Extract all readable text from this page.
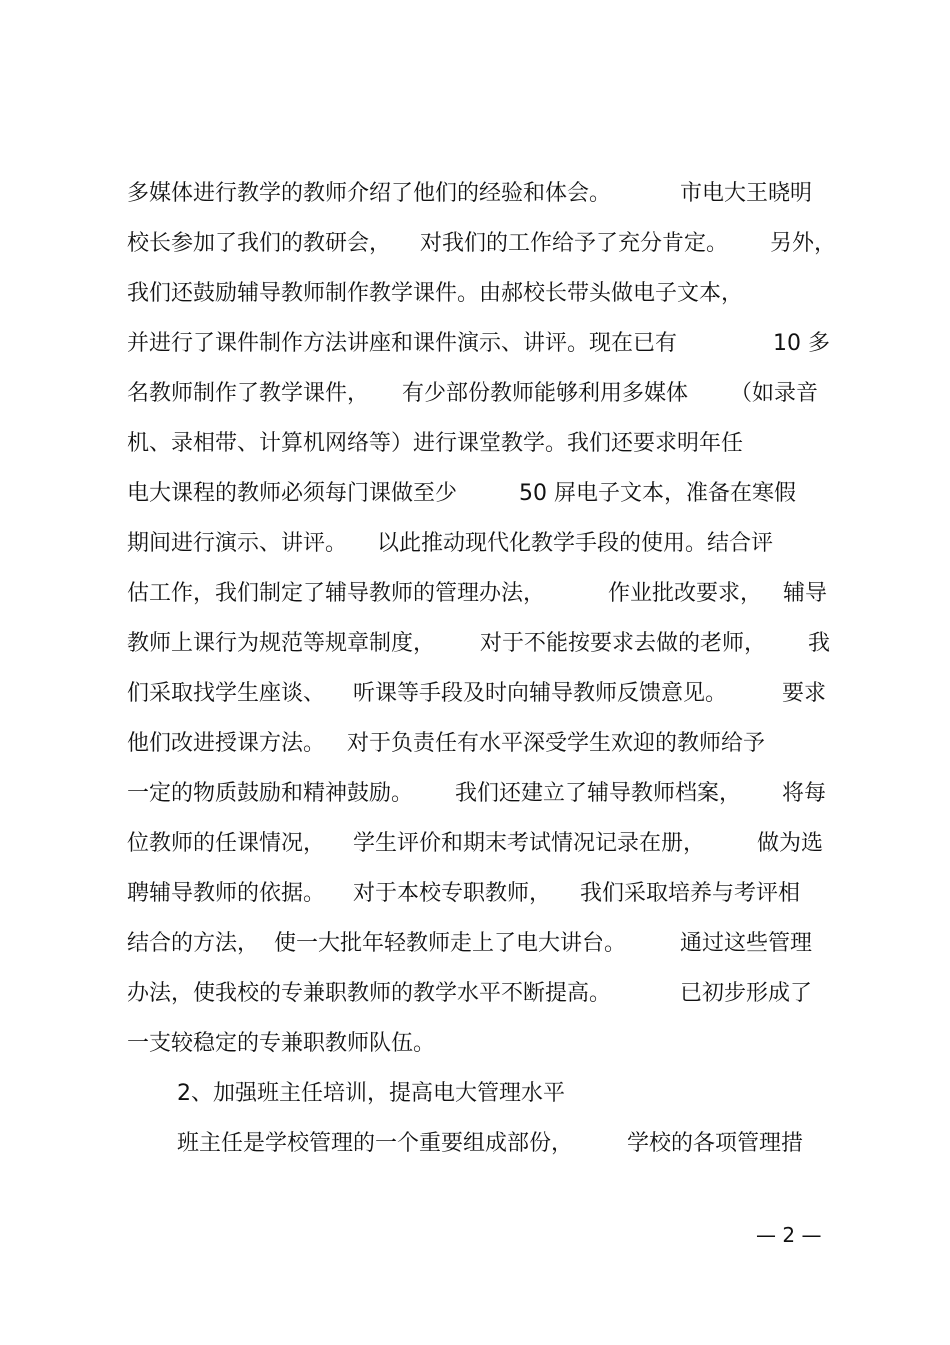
多媒体进行教学的教师介绍了他们的经验和体会。	市电大王晓明
校长参加了我们的教研会， 对我们的工作给予了充分肯定。 另外，
我们还鼓励辅导教师制作教学课件。由郝校长带头做电子文本，
并进行了课件制作方法讲座和课件演示、讲评。现在已有	10 多
名教师制作了教学课件， 有少部份教师能够利用多媒体 （如录音
机、录相带、计算机网络等）进行课堂教学。我们还要求明年任
电大课程的教师必须每门课做至少	50 屏电子文本，准备在寒假
期间进行演示、讲评。 以此推动现代化教学手段的使用。结合评
估工作，我们制定了辅导教师的管理办法，	作业批改要求， 辅导
教师上课行为规范等规章制度， 对于不能按要求去做的老师， 我
们采取找学生座谈、 听课等手段及时向辅导教师反馈意见。 要求
他们改进授课方法。 对于负责任有水平深受学生欢迎的教师给予
一定的物质鼓励和精神鼓励。 我们还建立了辅导教师档案， 将每
位教师的任课情况， 学生评价和期末考试情况记录在册， 做为选
聘辅导教师的依据。 对于本校专职教师， 我们采取培养与考评相
结合的方法， 使一大批年轻教师走上了电大讲台。 通过这些管理
办法，使我校的专兼职教师的教学水平不断提高。	已初步形成了
一支较稳定的专兼职教师队伍。
2、加强班主任培训，提高电大管理水平
班主任是学校管理的一个重要组成部份， 学校的各项管理措
— 2 —
